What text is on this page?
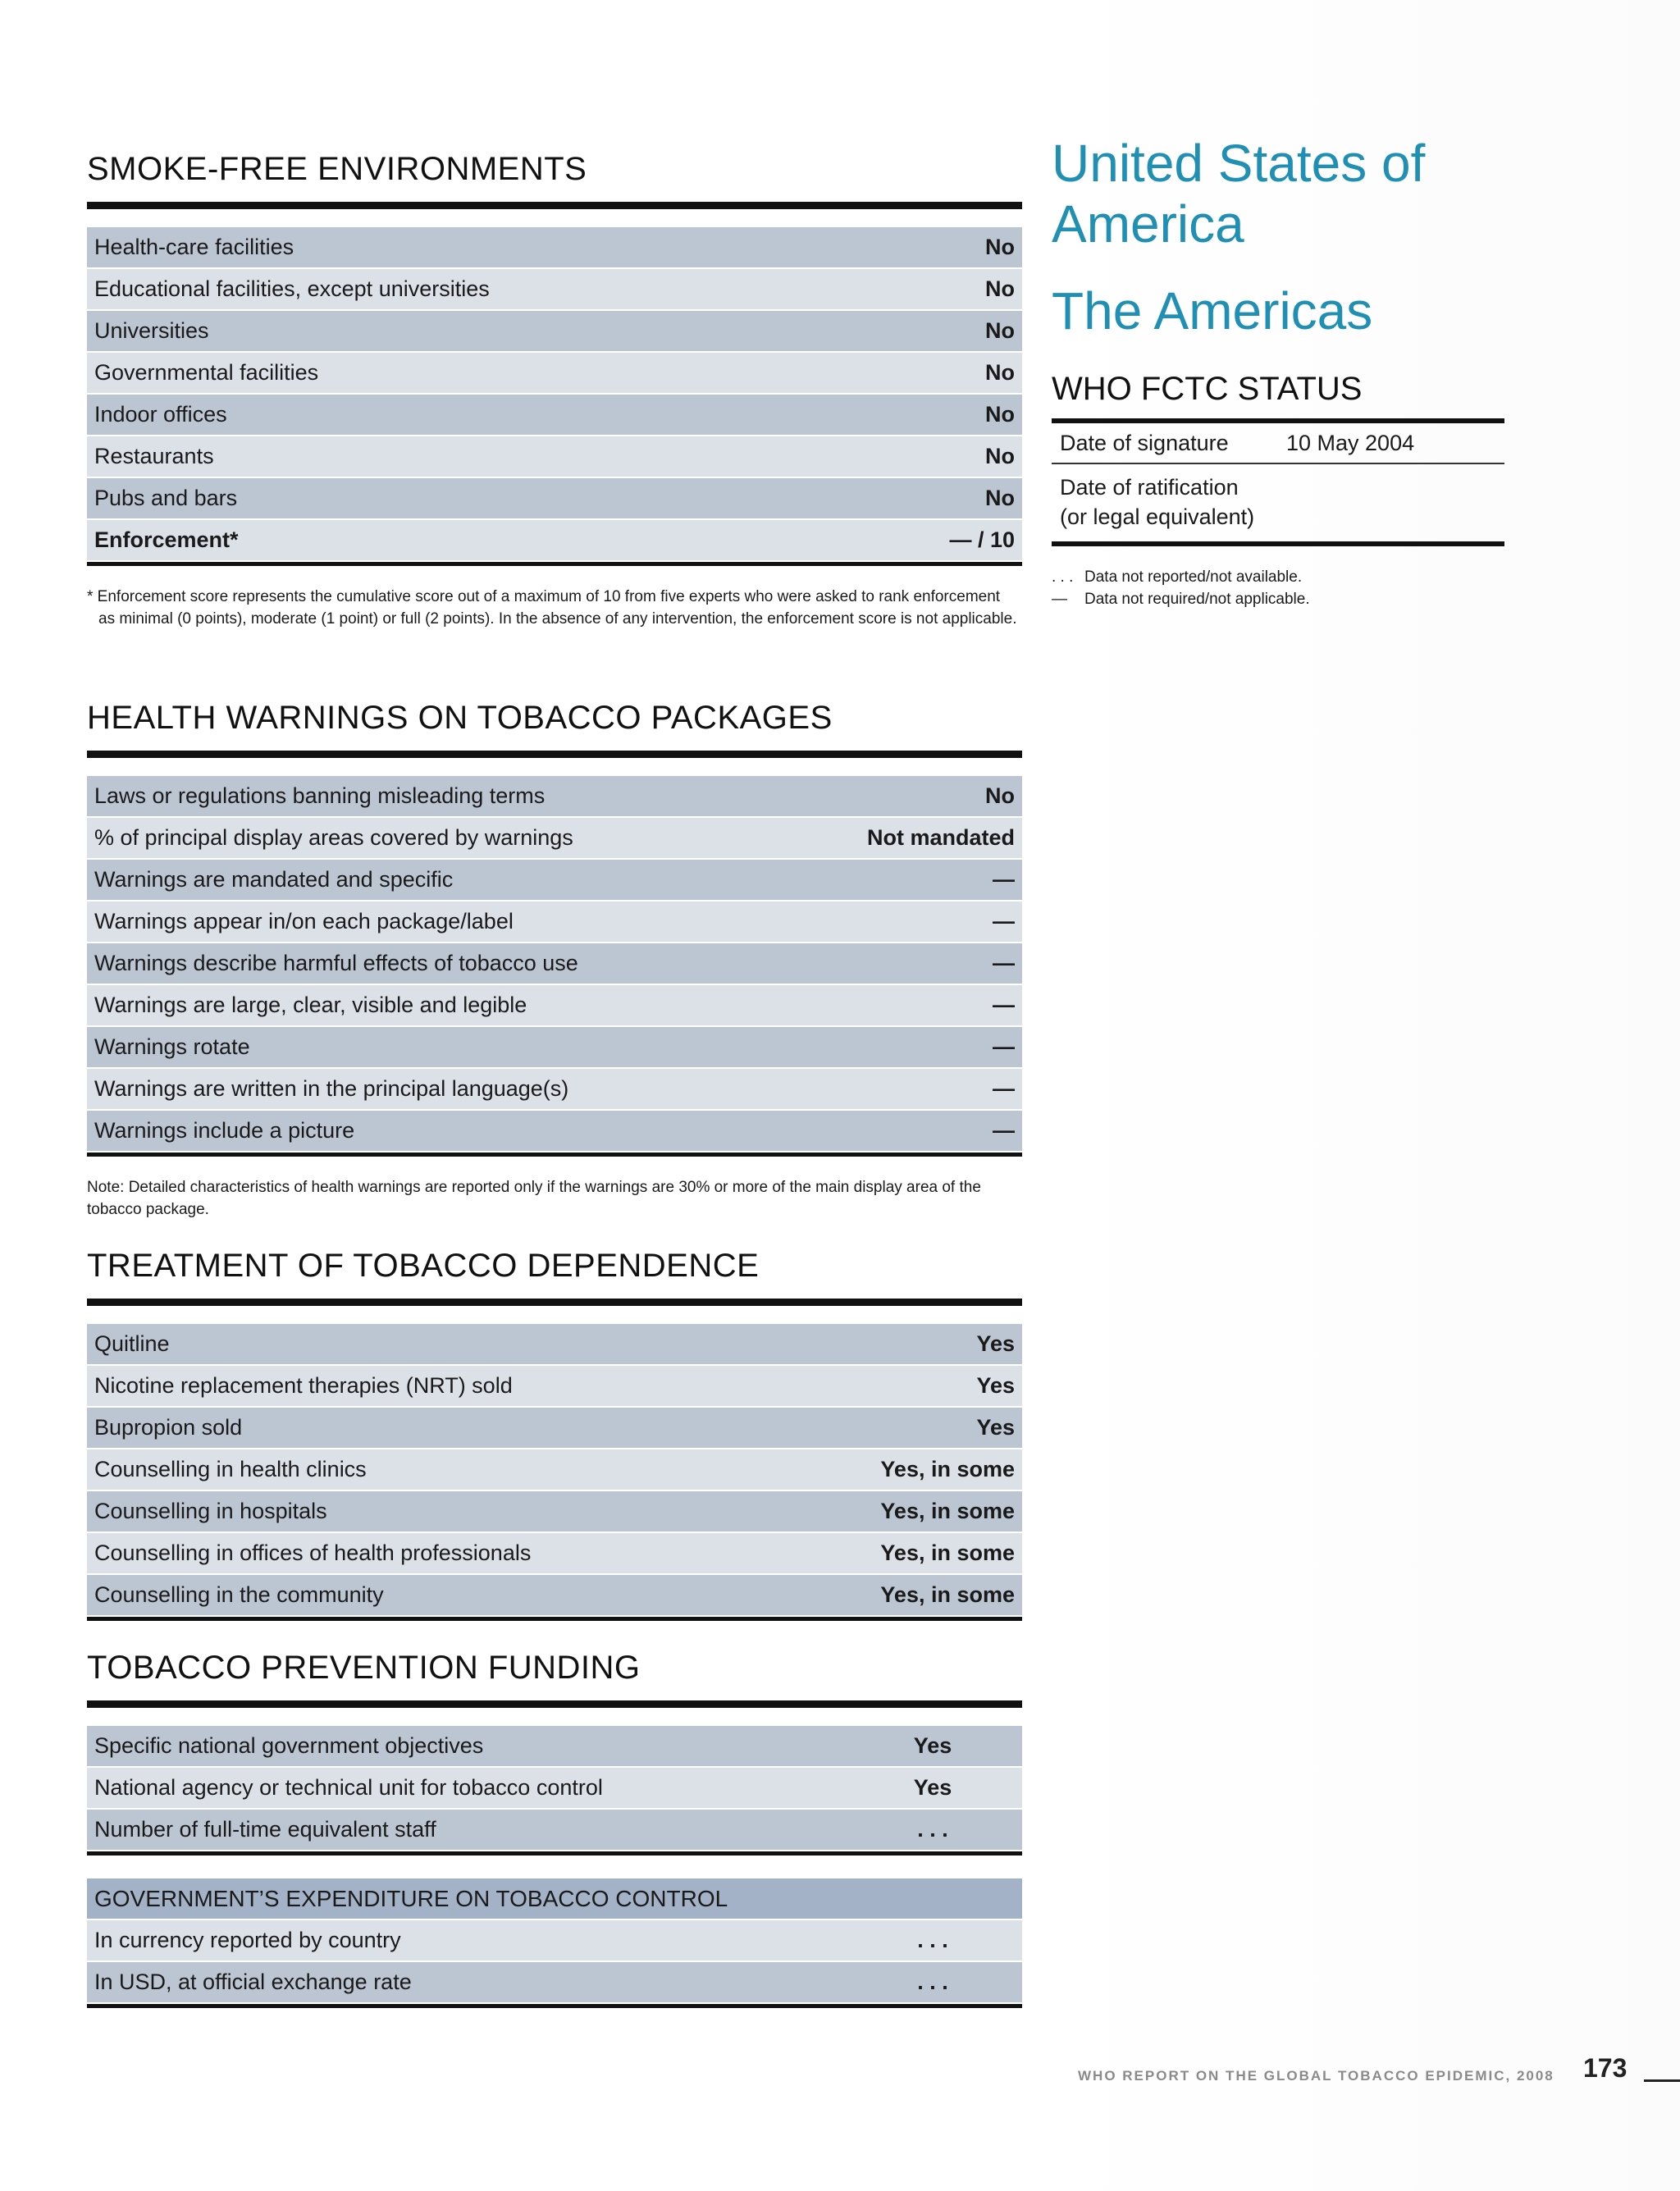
SMOKE-FREE ENVIRONMENTS
Health-care facilities	No
Educational facilities, except universities	No
Universities	No
Governmental facilities	No
Indoor offices	No
Restaurants	No
Pubs and bars	No
Enforcement*	— / 10
* Enforcement score represents the cumulative score out of a maximum of 10 from five experts who were asked to rank enforcement
as minimal (0 points), moderate (1 point) or full (2 points). In the absence of any intervention, the enforcement score is not applicable.
HEALTH WARNINGS ON TOBACCO PACKAGES
Laws or regulations banning misleading terms	No
% of principal display areas covered by warnings	Not mandated
Warnings are mandated and specific	—
Warnings appear in/on each package/label	—
Warnings describe harmful effects of tobacco use	—
Warnings are large, clear, visible and legible	—
Warnings rotate	—
Warnings are written in the principal language(s)	—
Warnings include a picture	—
Note: Detailed characteristics of health warnings are reported only if the warnings are 30% or more of the main display area of the
tobacco package.
TREATMENT OF TOBACCO DEPENDENCE
Quitline	Yes
Nicotine replacement therapies (NRT) sold	Yes
Bupropion sold	Yes
Counselling in health clinics	Yes, in some
Counselling in hospitals	Yes, in some
Counselling in offices of health professionals	Yes, in some
Counselling in the community	Yes, in some
TOBACCO PREVENTION FUNDING
Specific national government objectives	Yes
National agency or technical unit for tobacco control	Yes
Number of full-time equivalent staff	. . .
GOVERNMENT’S EXPENDITURE ON TOBACCO CONTROL	
In currency reported by country	. . .
In USD, at official exchange rate	. . .
United States of America
The Americas
WHO FCTC STATUS
Date of signature	10 May 2004
Date of ratification
(or legal equivalent)
. . . Data not reported/not available.
—	Data not required/not applicable.
WHO REPORT ON THE GLOBAL TOBACCO EPIDEMIC, 2008 173
